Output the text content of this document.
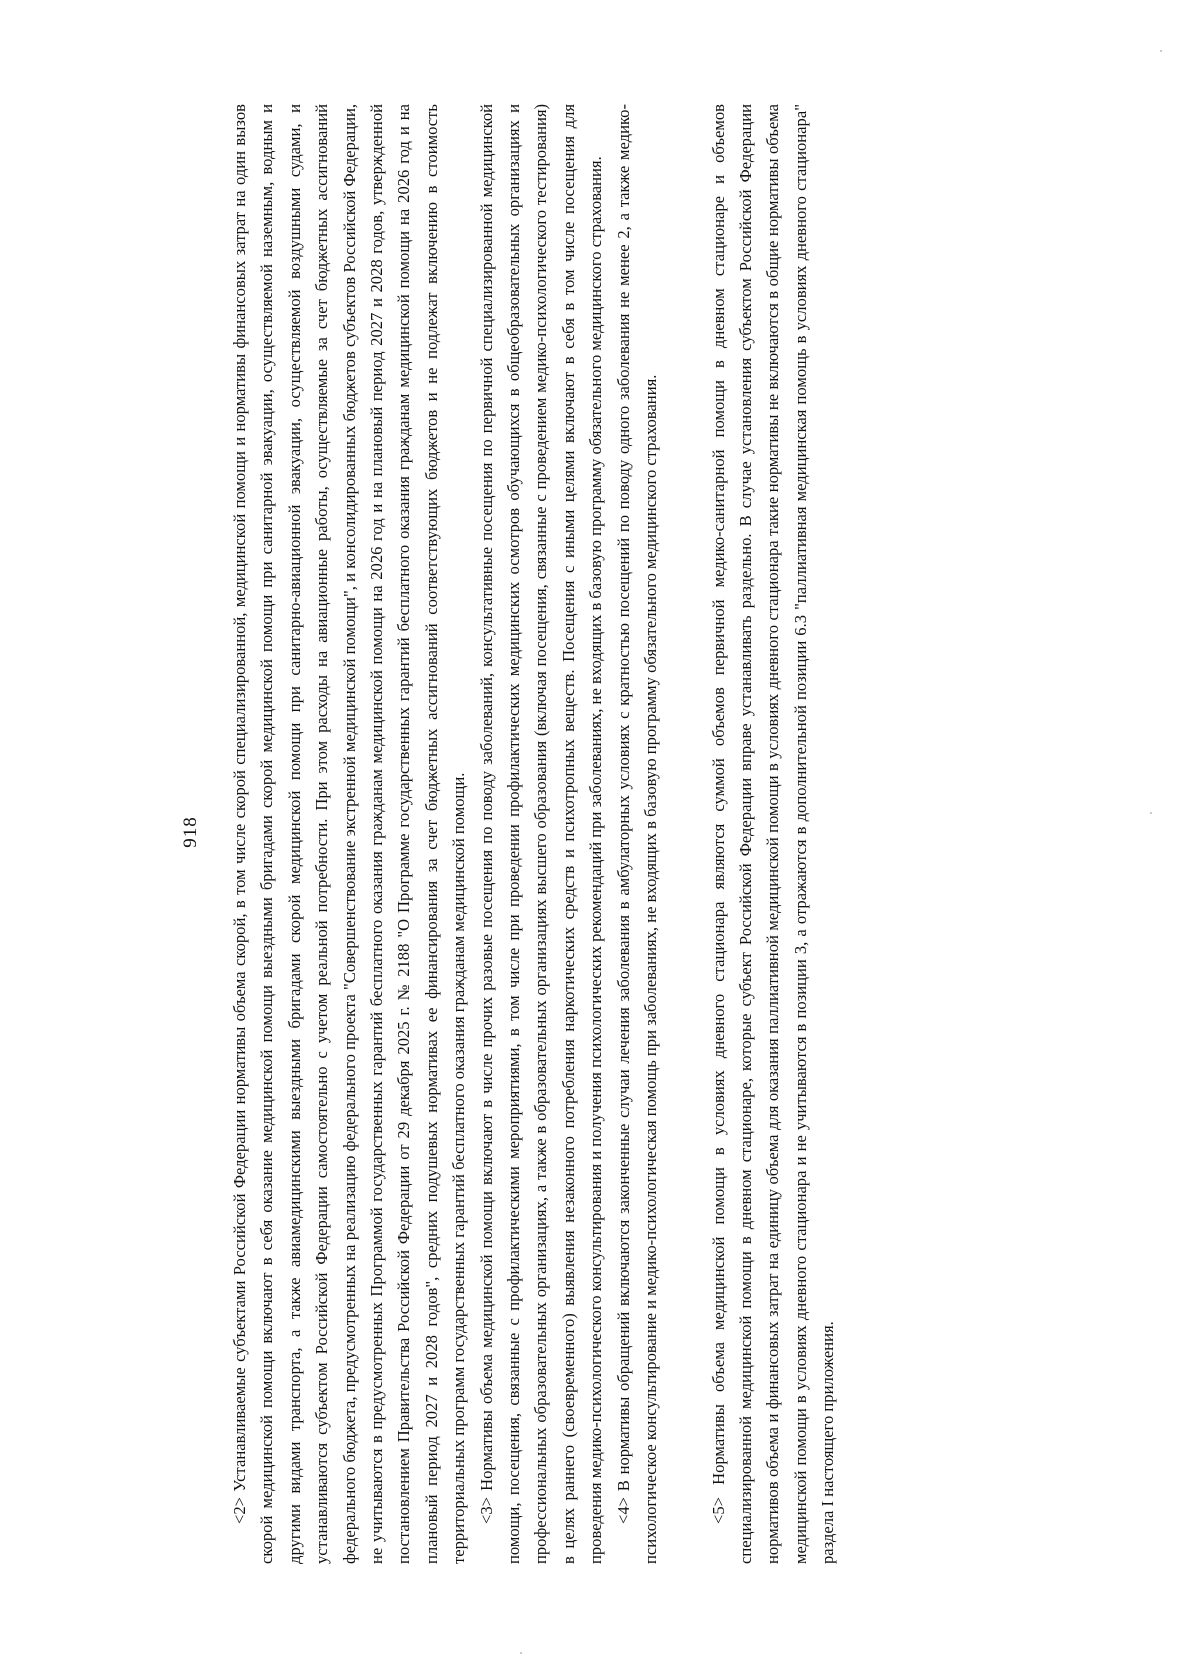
918 <2> Устанавливаемые субъектами Российской Федерации нормативы объема скорой, в том числе скорой специализированной, медицинской помощи и нормативы финансовых затрат на один вызов скорой медицинской помощи включают в себя оказание медицинской помощи выездными бригадами скорой медицинской помощи при санитарной эвакуации, осуществляемой наземным, водным и другими видами транспорта, а также авиамедицинскими выездными бригадами скорой медицинской помощи при санитарно-авиационной эвакуации, осуществляемой воздушными судами, и устанавливаются субъектом Российской Федерации самостоятельно с учетом реальной потребности. При этом расходы на авиационные работы, осуществляемые за счет бюджетных ассигнований федерального бюджета, предусмотренных на реализацию федерального проекта "Совершенствование экстренной медицинской помощи", и консолидированных бюджетов субъектов Российской Федерации, не учитываются в предусмотренных Программой государственных гарантий бесплатного оказания гражданам медицинской помощи на 2026 год и на плановый период 2027 и 2028 годов, утвержденной постановлением Правительства Российской Федерации от 29 декабря 2025 г. № 2188 "О Программе государственных гарантий бесплатного оказания гражданам медицинской помощи на 2026 год и на плановый период 2027 и 2028 годов", средних подушевых нормативах ее финансирования за счет бюджетных ассигнований соответствующих бюджетов и не подлежат включению в стоимость территориальных программ государственных гарантий бесплатного оказания гражданам медицинской помощи. <3> Нормативы объема медицинской помощи включают в числе прочих разовые посещения по поводу заболеваний, консультативные посещения по первичной специализированной медицинской помощи, посещения, связанные с профилактическими мероприятиями, в том числе при проведении профилактических медицинских осмотров обучающихся в общеобразовательных организациях и профессиональных образовательных организациях, а также в образовательных организациях высшего образования (включая посещения, связанные с проведением медико-психологического тестирования) в целях раннего (своевременного) выявления незаконного потребления наркотических средств и психотропных веществ. Посещения с иными целями включают в себя в том числе посещения для проведения медико-психологического консультирования и получения психологических рекомендаций при заболеваниях, не входящих в базовую программу обязательного медицинского страхования. <4> В нормативы обращений включаются законченные случаи лечения заболевания в амбулаторных условиях с кратностью посещений по поводу одного заболевания не менее 2, а также медико-психологическое консультирование и медико-психологическая помощь при заболеваниях, не входящих в базовую программу обязательного медицинского страхования.	<5> Нормативы объема медицинской помощи в условиях дневного стационара являются суммой объемов первичной медико-санитарной помощи в дневном стационаре и объемов специализированной медицинской помощи в дневном стационаре, которые субъект Российской Федерации вправе устанавливать раздельно. В случае установления субъектом Российской Федерации нормативов объема и финансовых затрат на единицу объема для оказания паллиативной медицинской помощи в условиях дневного стационара такие нормативы не включаются в общие нормативы объема медицинской помощи в условиях дневного стационара и не учитываются в позиции 3, а отражаются в дополнительной позиции 6.3 "паллиативная медицинская помощь в условиях дневного стационара" раздела I настоящего приложения.
